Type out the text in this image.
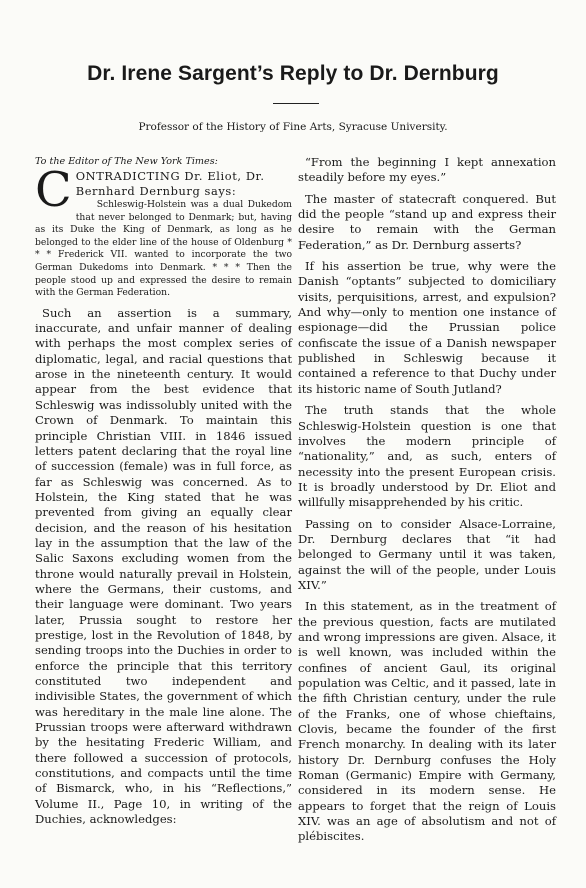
Dr. Irene Sargent’s Reply to Dr. Dernburg

Professor of the History of Fine Arts, Syracuse University.

To the Editor of The New York Times:

C ONTRADICTING Dr. Eliot, Dr. Bernhard Dernburg says:

Schleswig-Holstein was a dual Dukedom that never belonged to Denmark; but, having as its Duke the King of Denmark, as long as he belonged to the elder line of the house of Oldenburg * * * Frederick VII. wanted to incorporate the two German Dukedoms into Denmark. * * * Then the people stood up and expressed the desire to remain with the German Federation.

Such an assertion is a summary, inaccurate, and unfair manner of dealing with perhaps the most complex series of diplomatic, legal, and racial questions that arose in the nineteenth century. It would appear from the best evidence that Schleswig was indissolubly united with the Crown of Denmark. To maintain this principle Christian VIII. in 1846 issued letters patent declaring that the royal line of succession (female) was in full force, as far as Schleswig was concerned. As to Holstein, the King stated that he was prevented from giving an equally clear decision, and the reason of his hesitation lay in the assumption that the law of the Salic Saxons excluding women from the throne would naturally prevail in Holstein, where the Germans, their customs, and their language were dominant. Two years later, Prussia sought to restore her prestige, lost in the Revolution of 1848, by sending troops into the Duchies in order to enforce the principle that this territory constituted two independent and indivisible States, the government of which was hereditary in the male line alone. The Prussian troops were afterward withdrawn by the hesitating Frederic William, and there followed a succession of protocols, constitutions, and compacts until the time of Bismarck, who, in his “Reflections,” Volume II., Page 10, in writing of the Duchies, acknowledges:

“From the beginning I kept annexation steadily before my eyes.”

The master of statecraft conquered. But did the people “stand up and express their desire to remain with the German Federation,” as Dr. Dernburg asserts?

If his assertion be true, why were the Danish “optants” subjected to domiciliary visits, perquisitions, arrest, and expulsion? And why—only to mention one instance of espionage—did the Prussian police confiscate the issue of a Danish newspaper published in Schleswig because it contained a reference to that Duchy under its historic name of South Jutland?

The truth stands that the whole Schleswig-Holstein question is one that involves the modern principle of “nationality,” and, as such, enters of necessity into the present European crisis. It is broadly understood by Dr. Eliot and willfully misapprehended by his critic.

Passing on to consider Alsace-Lorraine, Dr. Dernburg declares that “it had belonged to Germany until it was taken, against the will of the people, under Louis XIV.”

In this statement, as in the treatment of the previous question, facts are mutilated and wrong impressions are given. Alsace, it is well known, was included within the confines of ancient Gaul, its original population was Celtic, and it passed, late in the fifth Christian century, under the rule of the Franks, one of whose chieftains, Clovis, became the founder of the first French monarchy. In dealing with its later history Dr. Dernburg confuses the Holy Roman (Germanic) Empire with Germany, considered in its modern sense. He appears to forget that the reign of Louis XIV. was an age of absolutism and not of plébiscites.
